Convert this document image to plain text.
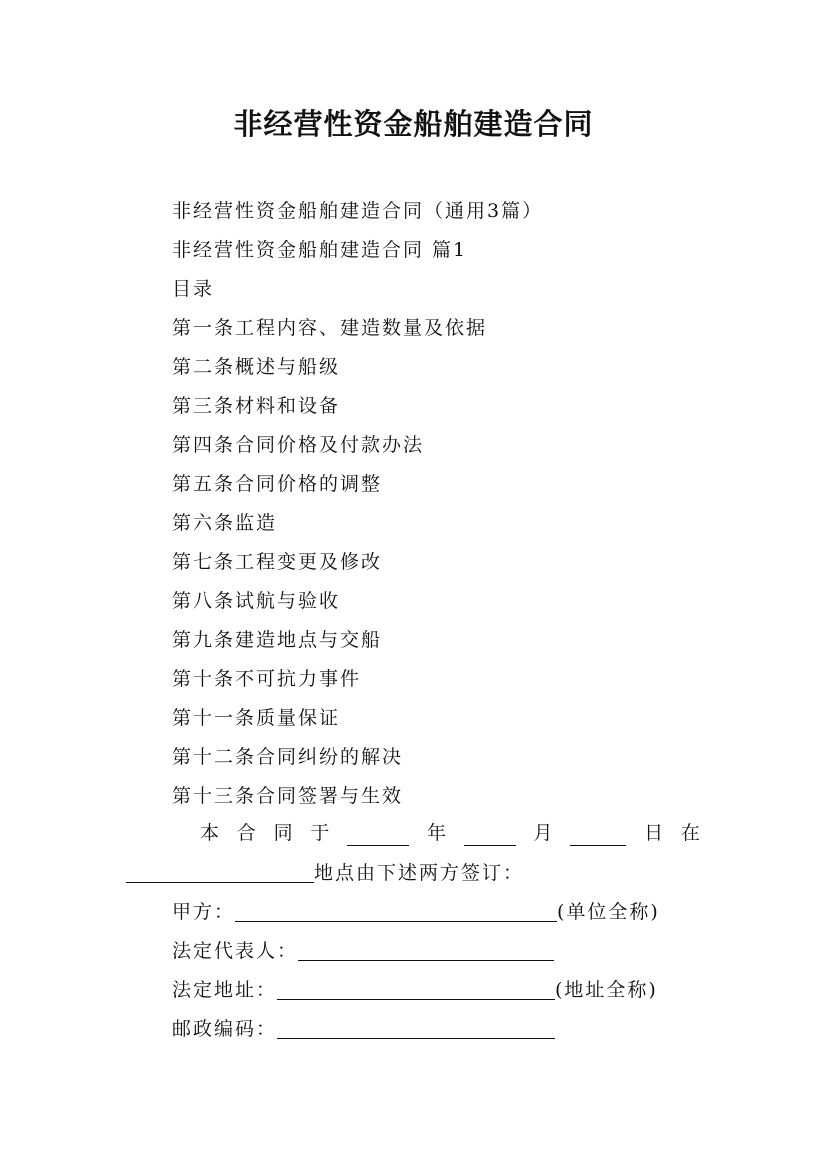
非经营性资金船舶建造合同
非经营性资金船舶建造合同（通用3篇）
非经营性资金船舶建造合同 篇1
目录
第一条工程内容、建造数量及依据
第二条概述与船级
第三条材料和设备
第四条合同价格及付款办法
第五条合同价格的调整
第六条监造
第七条工程变更及修改
第八条试航与验收
第九条建造地点与交船
第十条不可抗力事件
第十一条质量保证
第十二条合同纠纷的解决
第十三条合同签署与生效
本 合 同 于	年	月	日 在
地点由下述两方签订：
甲方：	(单位全称)
法定代表人：
法定地址：	(地址全称)
邮政编码：
